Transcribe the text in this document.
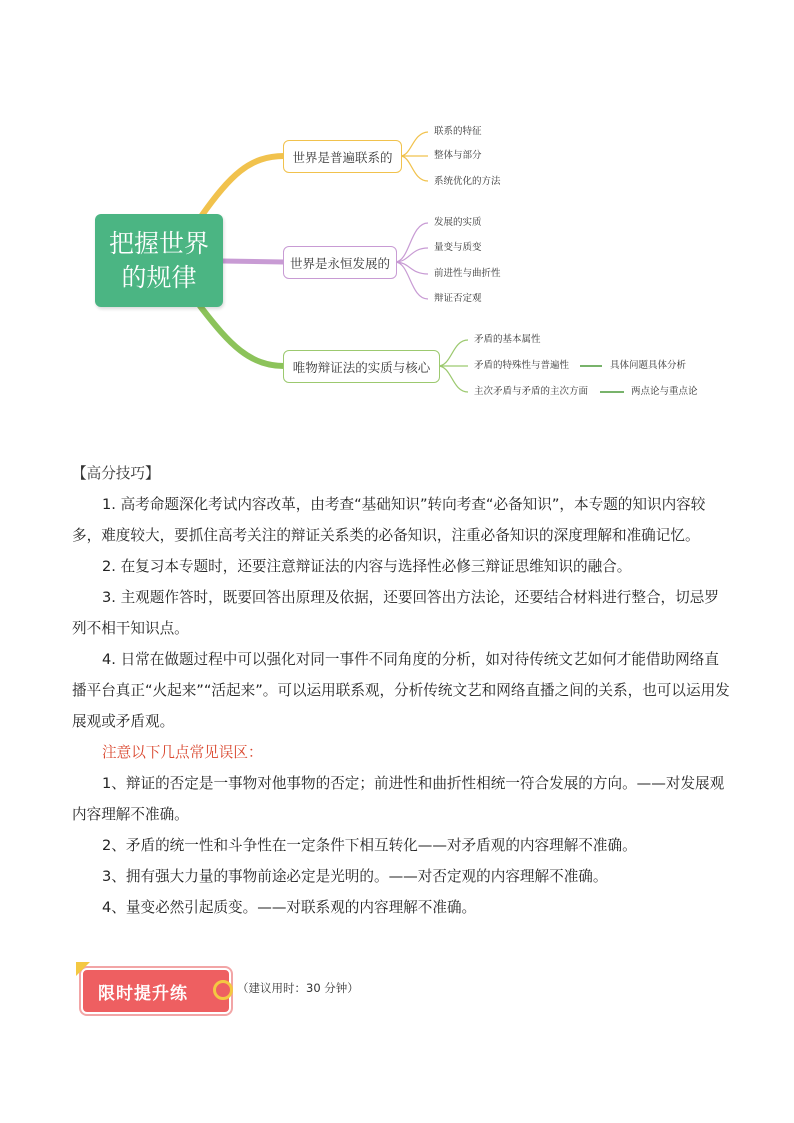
把握世界的规律
世界是普遍联系的
世界是永恒发展的
唯物辩证法的实质与核心
联系的特征
整体与部分
系统优化的方法
发展的实质
量变与质变
前进性与曲折性
辩证否定观
矛盾的基本属性
矛盾的特殊性与普遍性
主次矛盾与矛盾的主次方面
具体问题具体分析
两点论与重点论

【高分技巧】

1. 高考命题深化考试内容改革，由考查“基础知识”转向考查“必备知识”，本专题的知识内容较多，难度较大，要抓住高考关注的辩证关系类的必备知识，注重必备知识的深度理解和准确记忆。

2. 在复习本专题时，还要注意辩证法的内容与选择性必修三辩证思维知识的融合。

3. 主观题作答时，既要回答出原理及依据，还要回答出方法论，还要结合材料进行整合，切忌罗列不相干知识点。

4. 日常在做题过程中可以强化对同一事件不同角度的分析，如对待传统文艺如何才能借助网络直播平台真正“火起来”“活起来”。可以运用联系观，分析传统文艺和网络直播之间的关系，也可以运用发展观或矛盾观。

注意以下几点常见误区：

1、辩证的否定是一事物对他事物的否定；前进性和曲折性相统一符合发展的方向。——对发展观内容理解不准确。

2、矛盾的统一性和斗争性在一定条件下相互转化——对矛盾观的内容理解不准确。

3、拥有强大力量的事物前途必定是光明的。——对否定观的内容理解不准确。

4、量变必然引起质变。——对联系观的内容理解不准确。

限时提升练	（建议用时：30 分钟）
